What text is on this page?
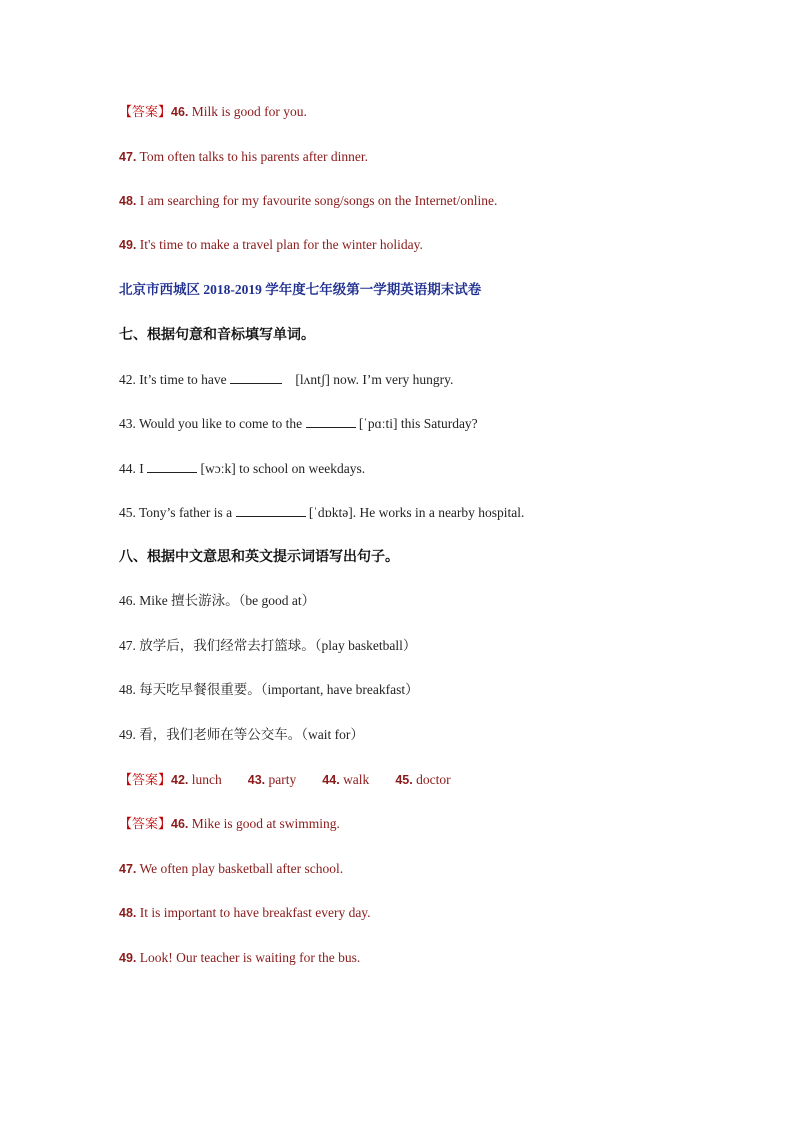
【答案】46. Milk is good for you.
47. Tom often talks to his parents after dinner.
48. I am searching for my favourite song/songs on the Internet/online.
49. It's time to make a travel plan for the winter holiday.
北京市西城区 2018-2019 学年度七年级第一学期英语期末试卷
七、根据句意和音标填写单词。
42. It’s time to have	[lʌntʃ] now. I’m very hungry.
43. Would you like to come to the	[ˈpɑːti] this Saturday?
44. I	[wɔːk] to school on weekdays.
45. Tony’s father is a	[ˈdɒktə]. He works in a nearby hospital.
八、根据中文意思和英文提示词语写出句子。
46. Mike 擅长游泳。（be good at）
47. 放学后，我们经常去打篮球。（play basketball）
48. 每天吃早餐很重要。（important, have breakfast）
49. 看，我们老师在等公交车。（wait for）
【答案】42. lunch 43. party 44. walk 45. doctor
【答案】46. Mike is good at swimming.
47. We often play basketball after school.
48. It is important to have breakfast every day.
49. Look! Our teacher is waiting for the bus.
